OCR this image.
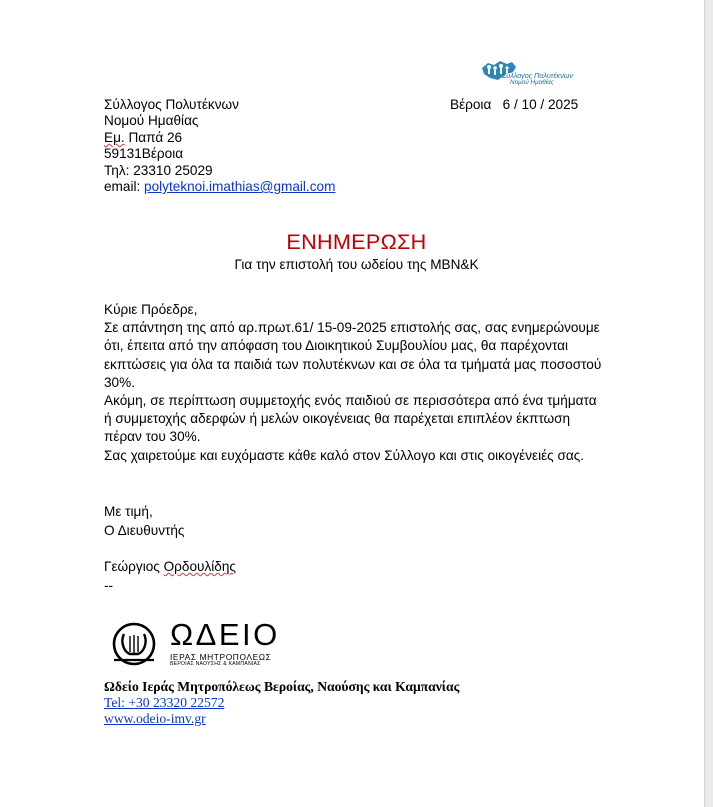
Σύλλογος Πολυτέκνων
Νομού Ημαθίας
Σύλλογος Πολυτέκνων
Νομού Ημαθίας
Εμ. Παπά 26
59131Βέροια
Τηλ: 23310 25029
email: polyteknoi.imathias@gmail.com
Βέροια   6 / 10 / 2025
ΕΝΗΜΕΡΩΣΗ
Για την επιστολή του ωδείου της ΜΒΝ&Κ

Κύριε Πρόεδρε,

Σε απάντηση της από αρ.πρωτ.61/ 15-09-2025 επιστολής σας, σας ενημερώνουμε ότι, έπειτα από την απόφαση του Διοικητικού Συμβουλίου μας, θα παρέχονται εκπτώσεις για όλα τα παιδιά των πολυτέκνων και σε όλα τα τμήματά μας ποσοστού 30%.

Ακόμη, σε περίπτωση συμμετοχής ενός παιδιού σε περισσότερα από ένα τμήματα ή συμμετοχής αδερφών ή μελών οικογένειας θα παρέχεται επιπλέον έκπτωση πέραν του 30%.

Σας χαιρετούμε και ευχόμαστε κάθε καλό στον Σύλλογο και στις οικογένειές σας.

Με τιμή,
Ο Διευθυντής
Γεώργιος Ορδουλίδης
--
ΩΔΕΙΟ
ΙΕΡΑΣ ΜΗΤΡΟΠΟΛΕΩΣ
ΒΕΡΟΙΑΣ ΝΑΟΥΣΗΣ & ΚΑΜΠΑΝΙΑΣ
Ωδείο Ιεράς Μητροπόλεως Βεροίας, Ναούσης και Καμπανίας
Tel: +30 23320 22572
www.odeio-imv.gr
